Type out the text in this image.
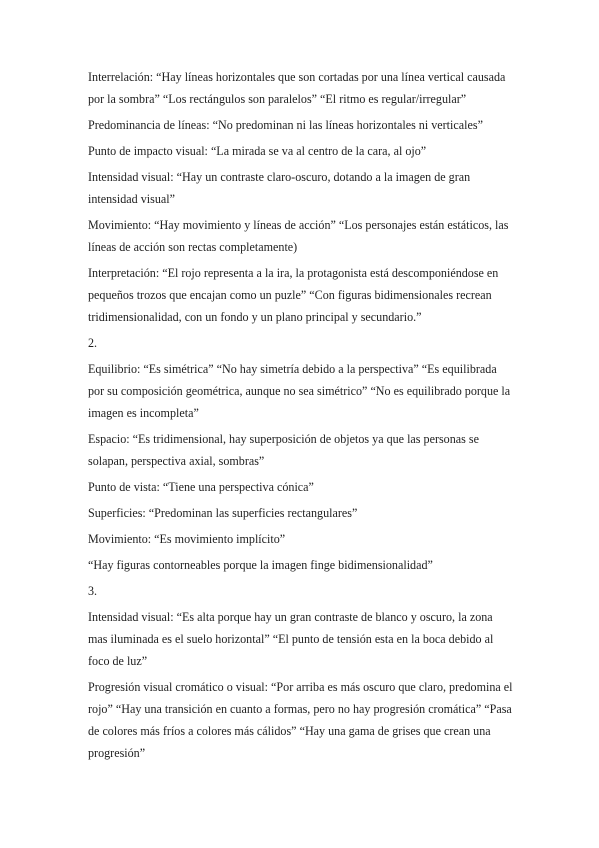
Interrelación: “Hay líneas horizontales que son cortadas por una línea vertical causada por la sombra” “Los rectángulos son paralelos” “El ritmo es regular/irregular”

Predominancia de líneas: “No predominan ni las líneas horizontales ni verticales”

Punto de impacto visual: “La mirada se va al centro de la cara, al ojo”

Intensidad visual: “Hay un contraste claro-oscuro, dotando a la imagen de gran intensidad visual”

Movimiento: “Hay movimiento y líneas de acción” “Los personajes están estáticos, las líneas de acción son rectas completamente)

Interpretación: “El rojo representa a la ira, la protagonista está descomponiéndose en pequeños trozos que encajan como un puzle” “Con figuras bidimensionales recrean tridimensionalidad, con un fondo y un plano principal y secundario.”

2.

Equilibrio: “Es simétrica” “No hay simetría debido a la perspectiva” “Es equilibrada por su composición geométrica, aunque no sea simétrico” “No es equilibrado porque la imagen es incompleta”

Espacio: “Es tridimensional, hay superposición de objetos ya que las personas se solapan, perspectiva axial, sombras”

Punto de vista: “Tiene una perspectiva cónica”

Superficies: “Predominan las superficies rectangulares”

Movimiento: “Es movimiento implícito”

“Hay figuras contorneables porque la imagen finge bidimensionalidad”

3.

Intensidad visual: “Es alta porque hay un gran contraste de blanco y oscuro, la zona mas iluminada es el suelo horizontal” “El punto de tensión esta en la boca debido al foco de luz”

Progresión visual cromático o visual: “Por arriba es más oscuro que claro, predomina el rojo” “Hay una transición en cuanto a formas, pero no hay progresión cromática” “Pasa de colores más fríos a colores más cálidos” “Hay una gama de grises que crean una progresión”
